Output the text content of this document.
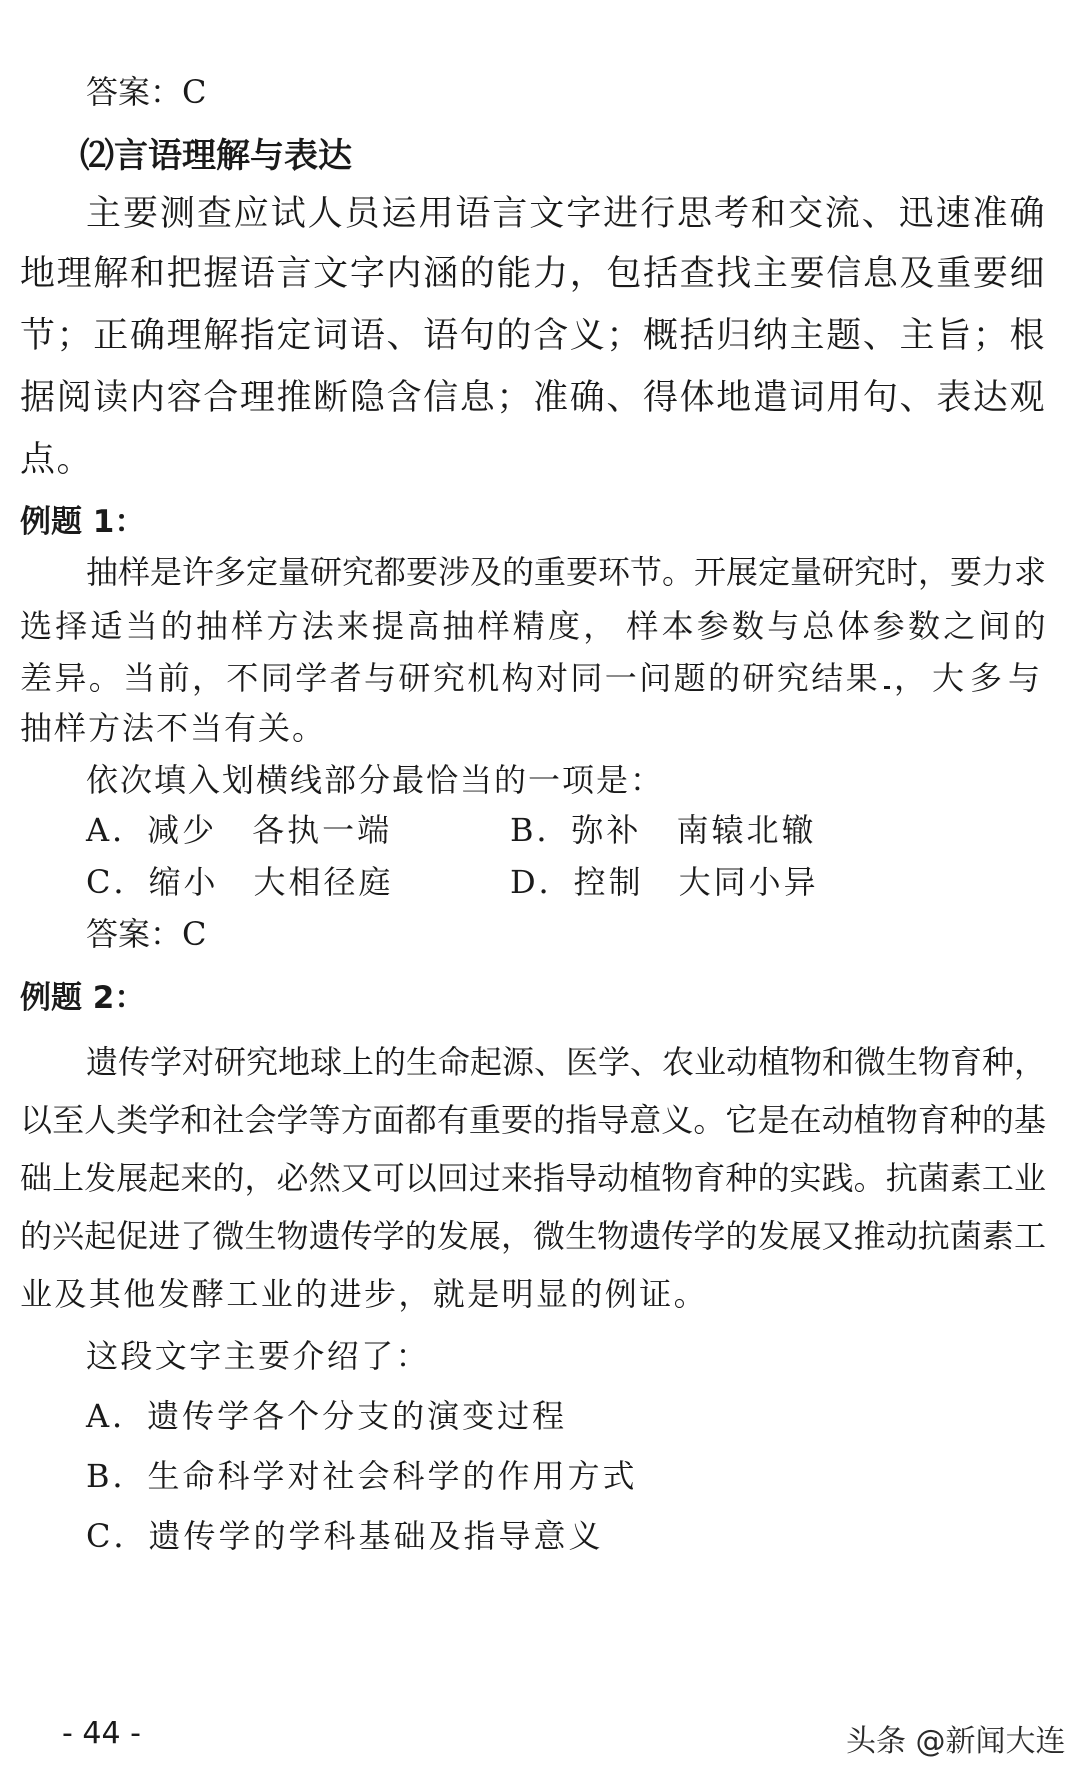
答案：C
⑵言语理解与表达
主要测查应试人员运用语言文字进行思考和交流、迅速准确
地理解和把握语言文字内涵的能力，包括查找主要信息及重要细
节；正确理解指定词语、语句的含义；概括归纳主题、主旨；根
据阅读内容合理推断隐含信息；准确、得体地遣词用句、表达观
点。
例题 1：
抽样是许多定量研究都要涉及的重要环节。开展定量研究时，要力求
选择适当的抽样方法来提高抽样精度， 样本参数与总体参数之间的
差异。当前，不同学者与研究机构对同一问题的研究结果 ，大多与
抽样方法不当有关。
依次填入划横线部分最恰当的一项是：
A．减少　各执一端	B．弥补　南辕北辙
C．缩小　大相径庭	D．控制　大同小异
答案：C
例题 2：
遗传学对研究地球上的生命起源、医学、农业动植物和微生物育种，
以至人类学和社会学等方面都有重要的指导意义。它是在动植物育种的基
础上发展起来的，必然又可以回过来指导动植物育种的实践。抗菌素工业
的兴起促进了微生物遗传学的发展，微生物遗传学的发展又推动抗菌素工
业及其他发酵工业的进步，就是明显的例证。
这段文字主要介绍了：
A．遗传学各个分支的演变过程
B．生命科学对社会科学的作用方式
C．遗传学的学科基础及指导意义
- 44 -	头条 @新闻大连
